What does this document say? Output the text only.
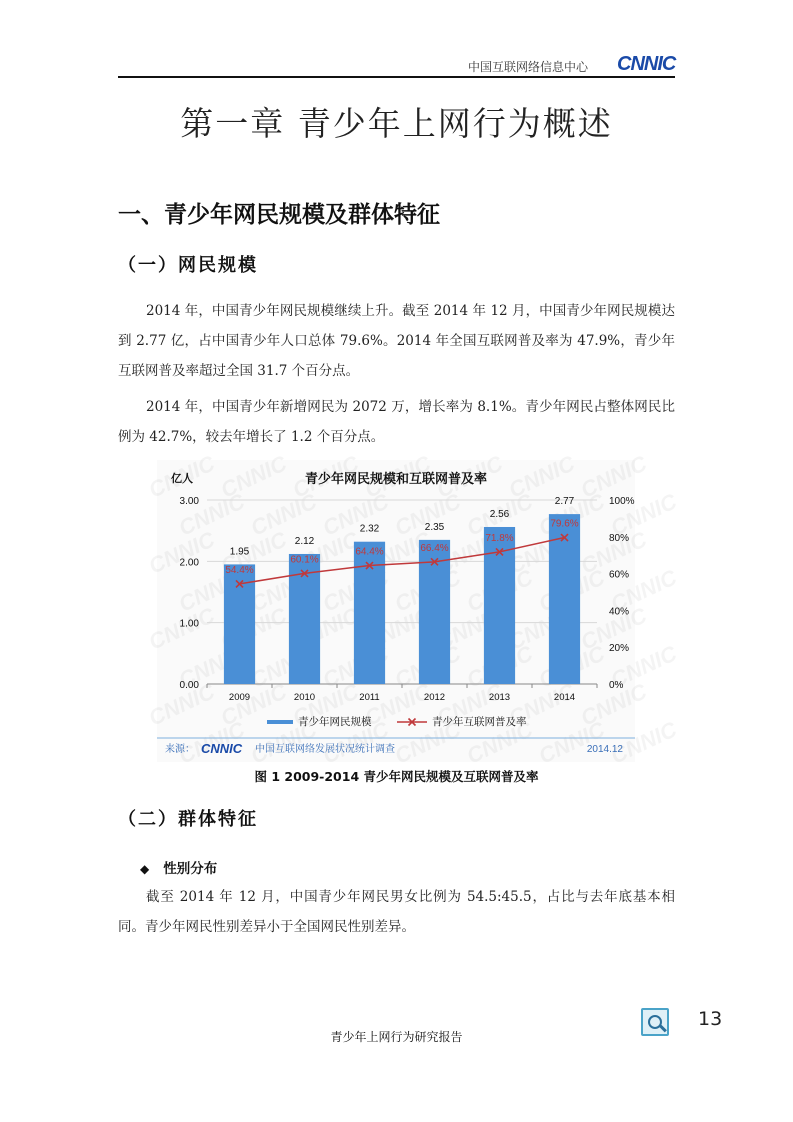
中国互联网络信息中心 CNNIC
第一章 青少年上网行为概述
一、青少年网民规模及群体特征
（一）网民规模

2014 年，中国青少年网民规模继续上升。截至 2014 年 12 月，中国青少年网民规模达到 2.77 亿，占中国青少年人口总体 79.6%。2014 年全国互联网普及率为 47.9%，青少年互联网普及率超过全国 31.7 个百分点。

2014 年，中国青少年新增网民为 2072 万，增长率为 8.1%。青少年网民占整体网民比例为 42.7%，较去年增长了 1.2 个百分点。

青少年网民规模和互联网普及率
亿人
0.00
1.00
2.00
3.00
0%
20%
40%
60%
80%
100%
2009	2010	2011	2012	2013	2014
1.95
2.12
2.32	2.35
2.56
2.77
54.4%
60.1%
64.4%	66.4%
71.8%
79.6%
青少年网民规模	青少年互联网普及率
来源： CNNIC 中国互联网络发展状况统计调查	2014.12
图 1 2009-2014 青少年网民规模及互联网普及率
（二）群体特征
◆ 性别分布

截至 2014 年 12 月，中国青少年网民男女比例为 54.5:45.5，占比与去年底基本相同。青少年网民性别差异小于全国网民性别差异。

13
青少年上网行为研究报告
